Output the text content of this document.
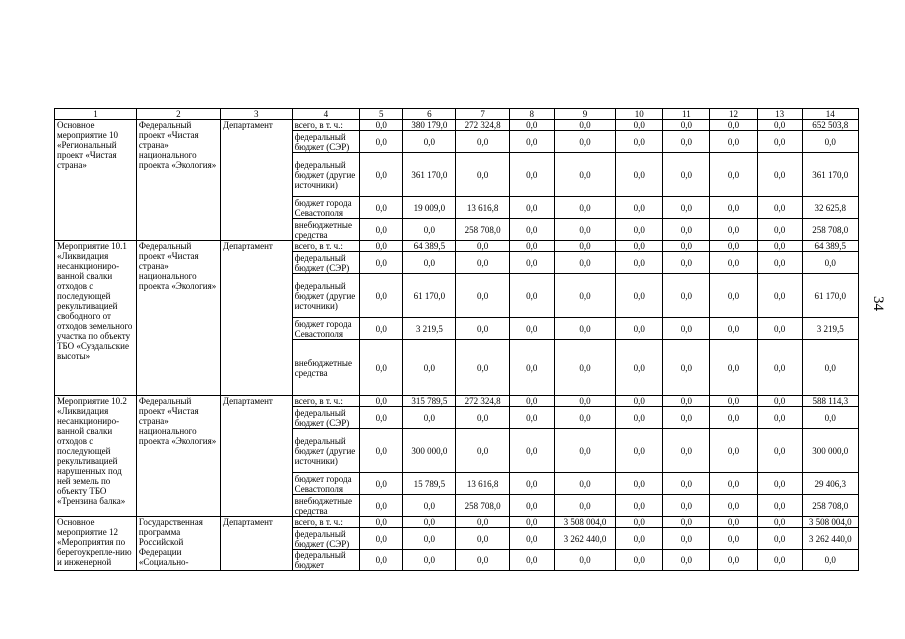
1	2	3	4	5	6	7	8	9	10	11	12	13	14
Основное мероприятие 10 «Региональный проект «Чистая страна»	Федеральный проект «Чистая страна» национального проекта «Экология»	Департамент	всего, в т. ч.:	0,0	380 179,0	272 324,8	0,0	0,0	0,0	0,0	0,0	0,0	652 503,8
			федеральный бюджет (СЭР)	0,0	0,0	0,0	0,0	0,0	0,0	0,0	0,0	0,0	0,0
			федеральный бюджет (другие источники)	0,0	361 170,0	0,0	0,0	0,0	0,0	0,0	0,0	0,0	361 170,0
			бюджет города Севастополя	0,0	19 009,0	13 616,8	0,0	0,0	0,0	0,0	0,0	0,0	32 625,8
			внебюджетные средства	0,0	0,0	258 708,0	0,0	0,0	0,0	0,0	0,0	0,0	258 708,0
Мероприятие 10.1 «Ликвидация несанкциониро-ванной свалки отходов с последующей рекультивацией свободного от отходов земельного участка по объекту ТБО «Суздальские высоты»	Федеральный проект «Чистая страна» национального проекта «Экология»	Департамент	всего, в т. ч.:	0,0	64 389,5	0,0	0,0	0,0	0,0	0,0	0,0	0,0	64 389,5
			федеральный бюджет (СЭР)	0,0	0,0	0,0	0,0	0,0	0,0	0,0	0,0	0,0	0,0
			федеральный бюджет (другие источники)	0,0	61 170,0	0,0	0,0	0,0	0,0	0,0	0,0	0,0	61 170,0
			бюджет города Севастополя	0,0	3 219,5	0,0	0,0	0,0	0,0	0,0	0,0	0,0	3 219,5
			внебюджетные средства	0,0	0,0	0,0	0,0	0,0	0,0	0,0	0,0	0,0	0,0
Мероприятие 10.2 «Ликвидация несанкциониро-ванной свалки отходов с последующей рекультивацией нарушенных под ней земель по объекту ТБО «Трензина балка»	Федеральный проект «Чистая страна» национального проекта «Экология»	Департамент	всего, в т. ч.:	0,0	315 789,5	272 324,8	0,0	0,0	0,0	0,0	0,0	0,0	588 114,3
			федеральный бюджет (СЭР)	0,0	0,0	0,0	0,0	0,0	0,0	0,0	0,0	0,0	0,0
			федеральный бюджет (другие источники)	0,0	300 000,0	0,0	0,0	0,0	0,0	0,0	0,0	0,0	300 000,0
			бюджет города Севастополя	0,0	15 789,5	13 616,8	0,0	0,0	0,0	0,0	0,0	0,0	29 406,3
			внебюджетные средства	0,0	0,0	258 708,0	0,0	0,0	0,0	0,0	0,0	0,0	258 708,0
Основное мероприятие 12 «Мероприятия по берегоукрепле-нию и инженерной	Государственная программа Российской Федерации «Социально-	Департамент	всего, в т. ч.:	0,0	0,0	0,0	0,0	3 508 004,0	0,0	0,0	0,0	0,0	3 508 004,0
			федеральный бюджет (СЭР)	0,0	0,0	0,0	0,0	3 262 440,0	0,0	0,0	0,0	0,0	3 262 440,0
			федеральный бюджет	0,0	0,0	0,0	0,0	0,0	0,0	0,0	0,0	0,0	0,0
34
